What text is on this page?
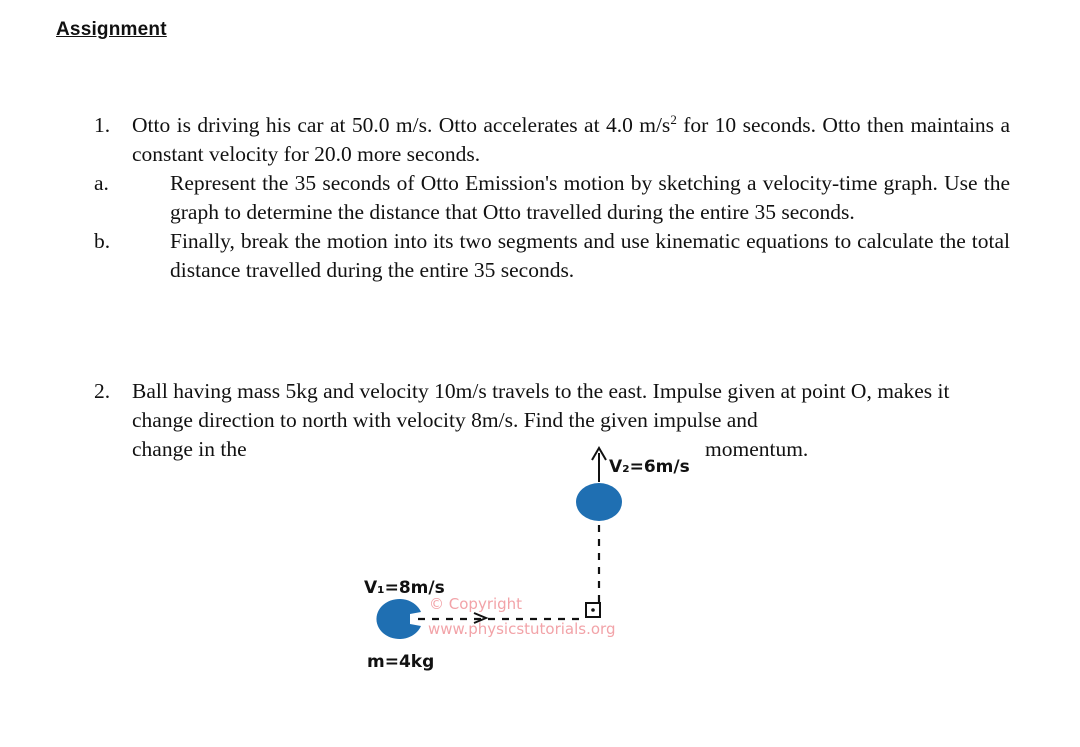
Assignment
1. Otto is driving his car at 50.0 m/s. Otto accelerates at 4.0 $m/s^2$ for 10 seconds. Otto then maintains a constant velocity for 20.0 more seconds.
a.	Represent the 35 seconds of Otto Emission's motion by sketching a velocity-time graph. Use the graph to determine the distance that Otto travelled during the entire 35 seconds.
b.	Finally, break the motion into its two segments and use kinematic equations to calculate the total distance travelled during the entire 35 seconds.
2. Ball having mass 5kg and velocity 10m/s travels to the east. Impulse given at point O, makes it change direction to north with velocity 8m/s. Find the given impulse and
change in the	momentum.
V₂=6m/s
V₁=8m/s
m=4kg
© Copyright
www.physicstutorials.org
